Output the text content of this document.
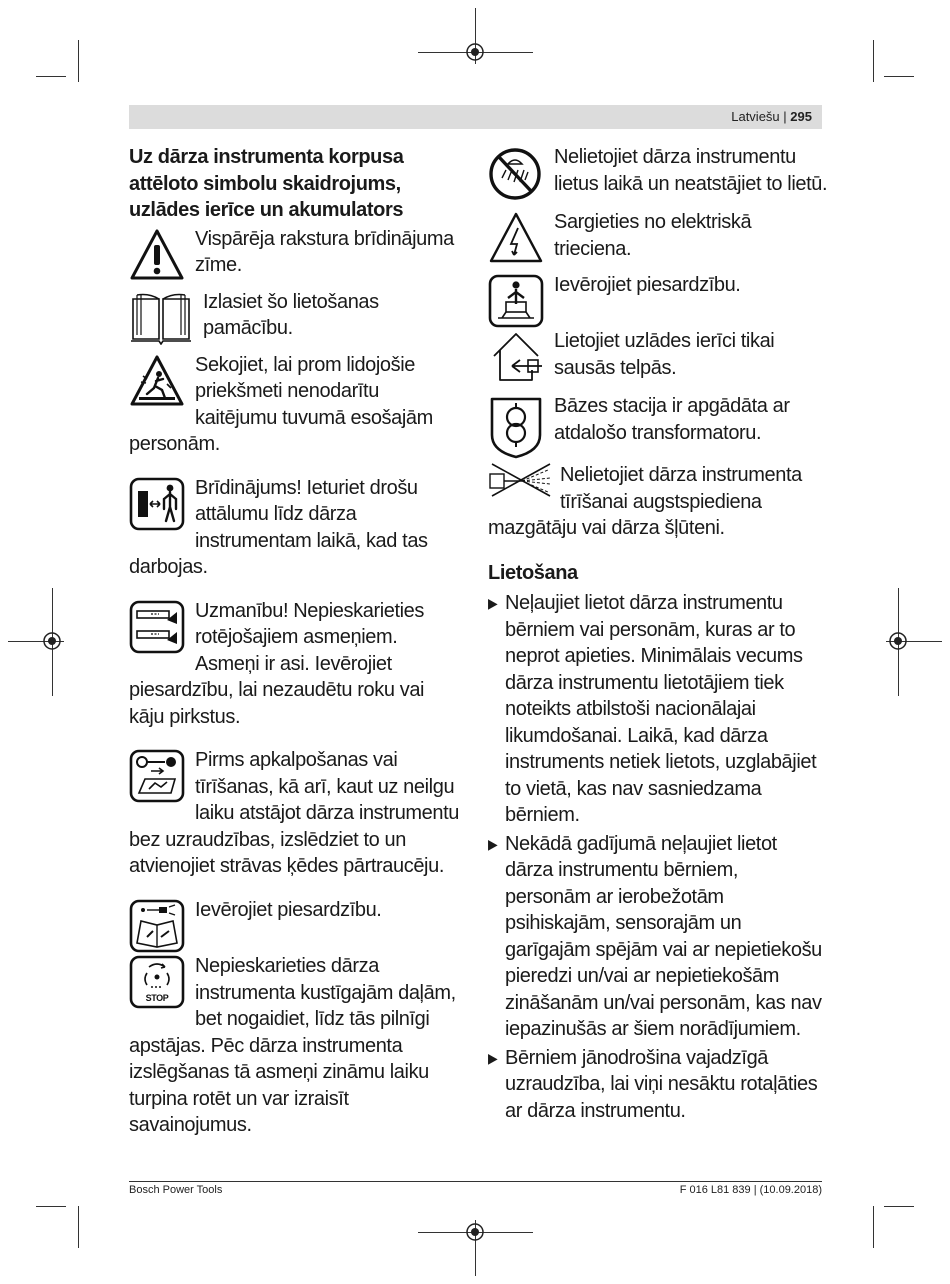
Latviešu | 295
Uz dārza instrumenta korpusa attēloto simbolu skaidrojums, uzlādes ierīce un akumulators

Vispārēja rakstura brīdinājuma zīme.

Izlasiet šo lietošanas pamācību.

Sekojiet, lai prom lidojošie priekšmeti nenodarītu kaitējumu tuvumā esošajām personām.

Brīdinājums! Ieturiet drošu attālumu līdz dārza instrumentam laikā, kad tas darbojas.

Uzmanību! Nepieskarieties rotējošajiem asmeņiem. Asmeņi ir asi. Ievērojiet piesardzību, lai nezaudētu roku vai kāju pirkstus.

Pirms apkalpošanas vai tīrīšanas, kā arī, kaut uz neilgu laiku atstājot dārza instrumentu bez uzraudzības, izslēdziet to un atvienojiet strāvas ķēdes pārtraucēju.

Ievērojiet piesardzību.

STOP

Nepieskarieties dārza instrumenta kustīgajām daļām, bet nogaidiet, līdz tās pilnīgi apstājas. Pēc dārza instrumenta izslēgšanas tā asmeņi zināmu laiku turpina rotēt un var izraisīt savainojumus.

Nelietojiet dārza instrumentu lietus laikā un neatstājiet to lietū.

Sargieties no elektriskā trieciena.

Ievērojiet piesardzību.

Lietojiet uzlādes ierīci tikai sausās telpās.

Bāzes stacija ir apgādāta ar atdalošo transformatoru.

Nelietojiet dārza instrumenta tīrīšanai augstspiediena mazgātāju vai dārza šļūteni.

Lietošana
▶ Neļaujiet lietot dārza instrumentu bērniem vai personām, kuras ar to neprot apieties. Minimālais vecums dārza instrumentu lietotājiem tiek noteikts atbilstoši nacionālajai likumdošanai. Laikā, kad dārza instruments netiek lietots, uzglabājiet to vietā, kas nav sasniedzama bērniem.
▶ Nekādā gadījumā neļaujiet lietot dārza instrumentu bērniem, personām ar ierobežotām psihiskajām, sensorajām un garīgajām spējām vai ar nepietiekošu pieredzi un/vai ar nepietiekošām zināšanām un/vai personām, kas nav iepazinušās ar šiem norādījumiem.
▶ Bērniem jānodrošina vajadzīgā uzraudzība, lai viņi nesāktu rotaļāties ar dārza instrumentu.
Bosch Power Tools	F 016 L81 839 | (10.09.2018)
